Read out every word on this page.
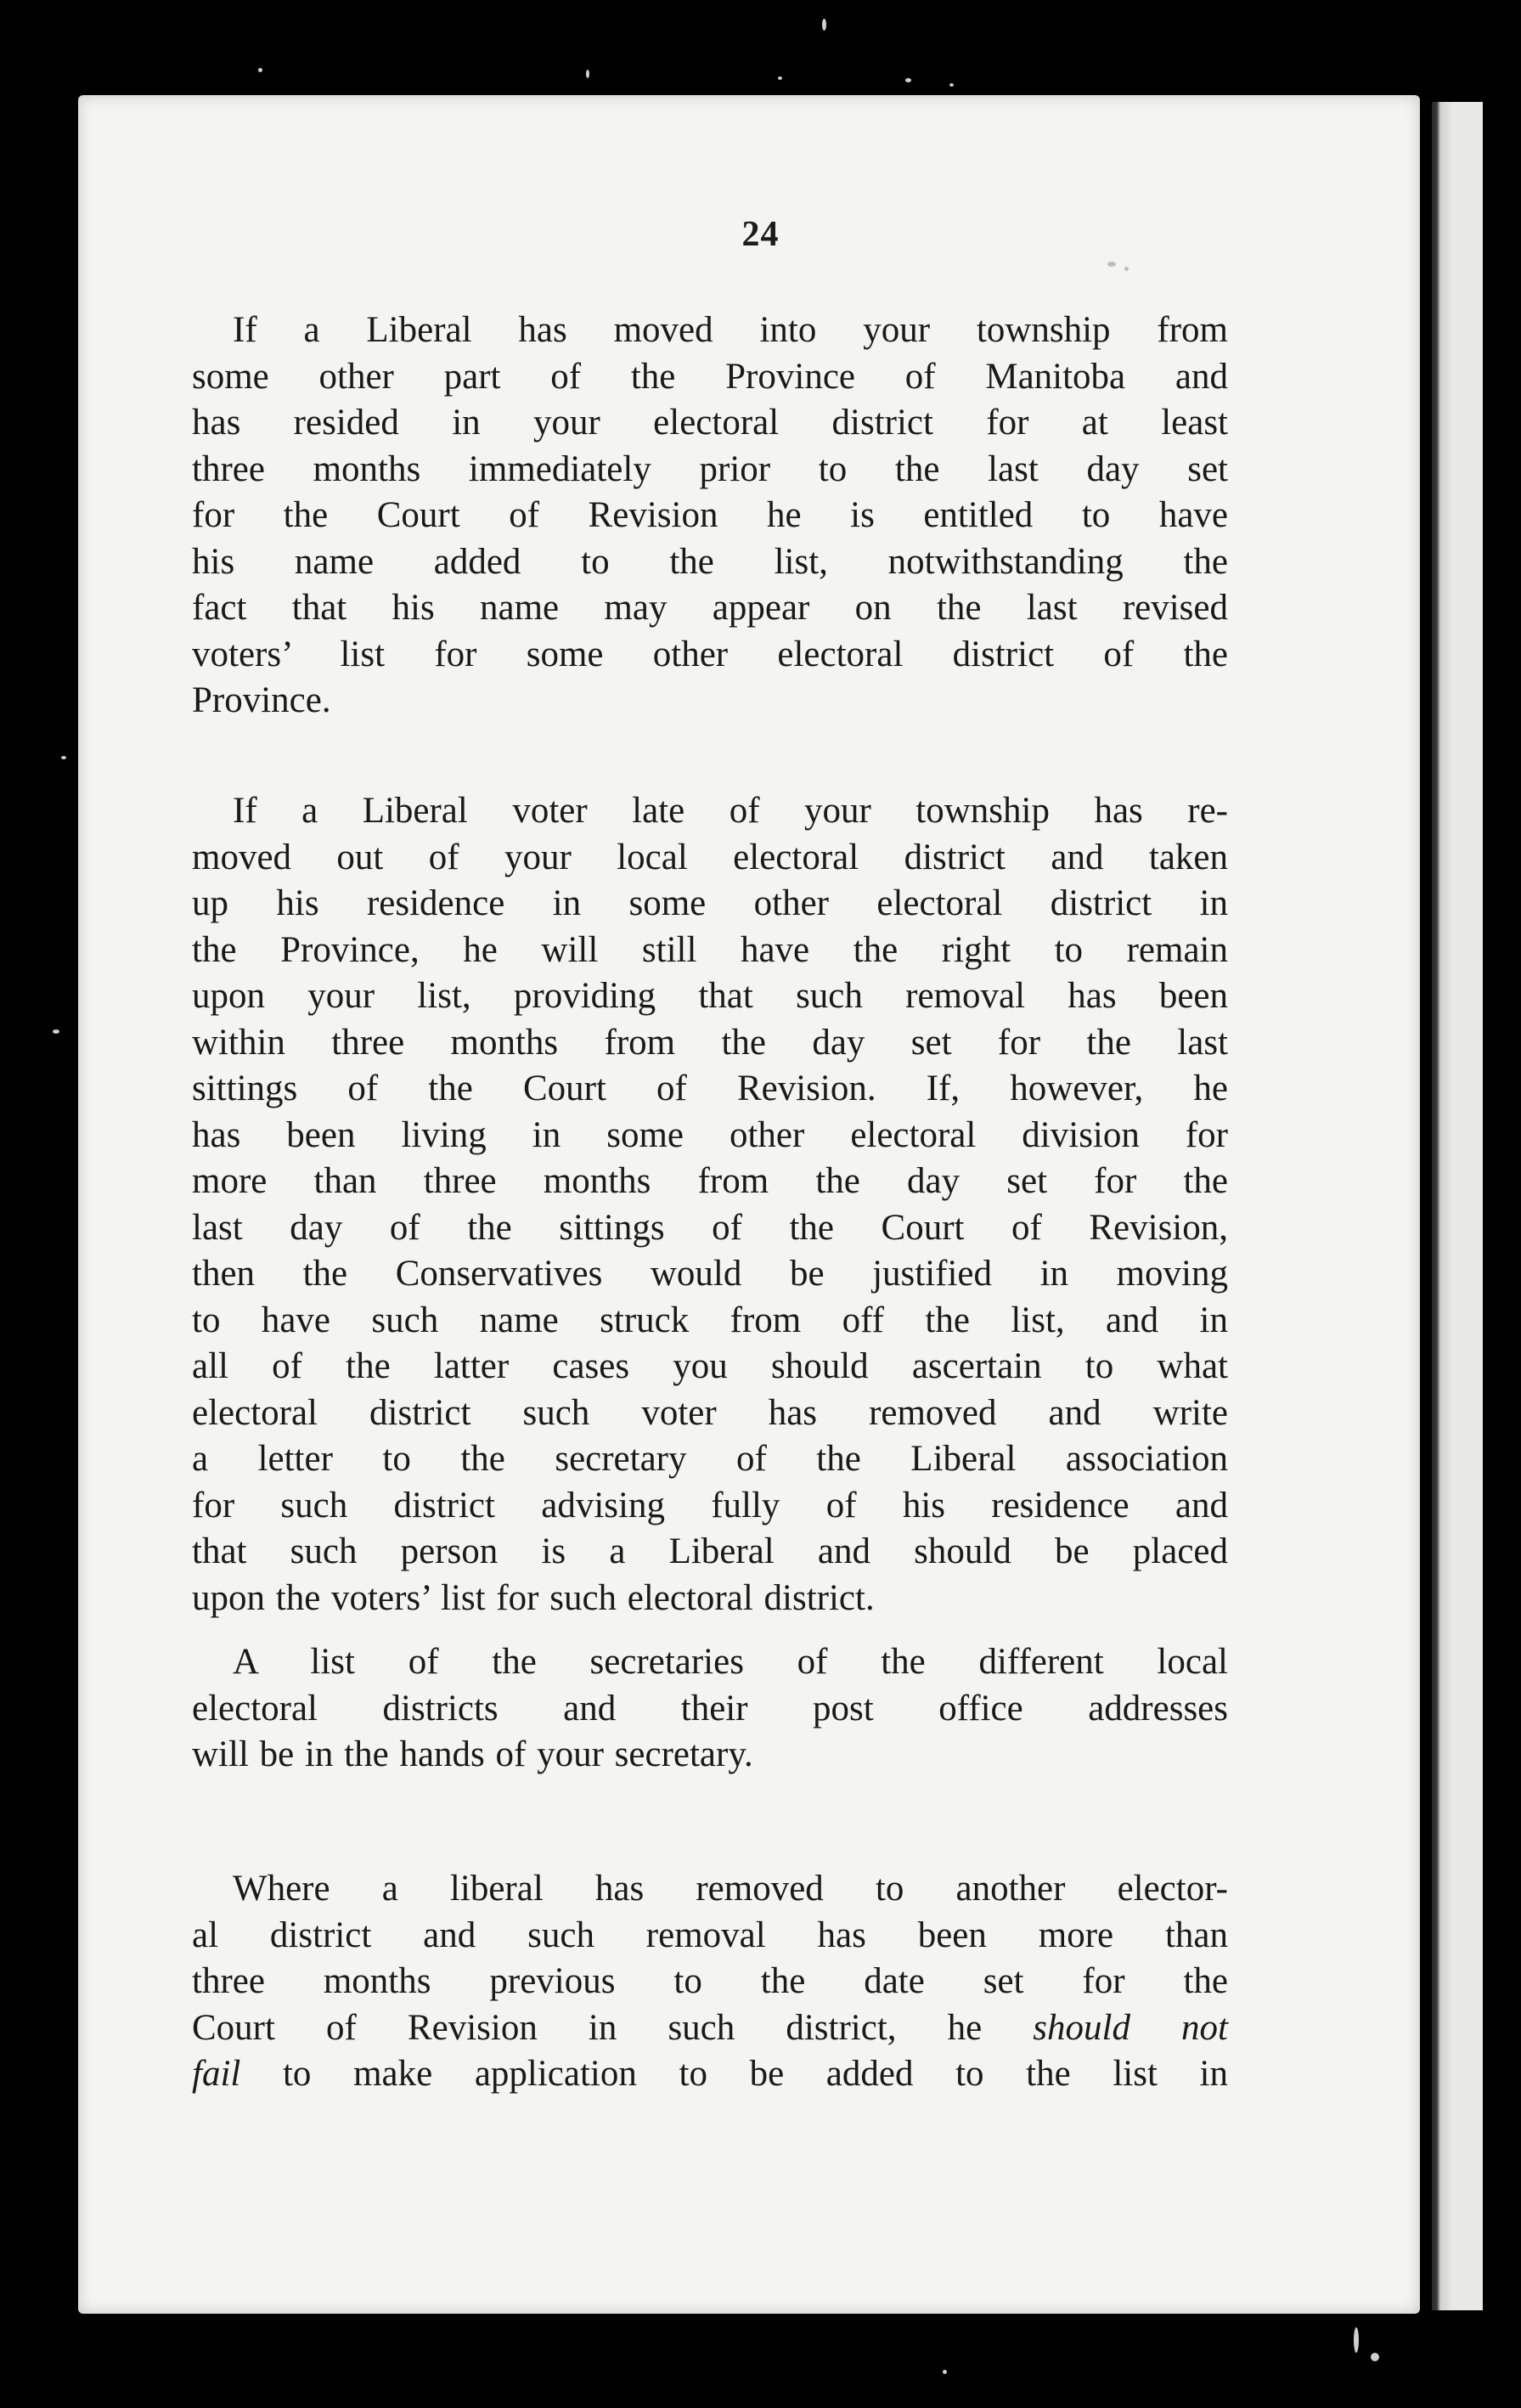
24
If a Liberal has moved into your township from
some other part of the Province of Manitoba and
has resided in your electoral district for at least
three months immediately prior to the last day set
for the Court of Revision he is entitled to have
his name added to the list, notwithstanding the
fact that his name may appear on the last revised
voters’ list for some other electoral district of the
Province.
If a Liberal voter late of your township has re-
moved out of your local electoral district and taken
up his residence in some other electoral district in
the Province, he will still have the right to remain
upon your list, providing that such removal has been
within three months from the day set for the last
sittings of the Court of Revision. If, however, he
has been living in some other electoral division for
more than three months from the day set for the
last day of the sittings of the Court of Revision,
then the Conservatives would be justified in moving
to have such name struck from off the list, and in
all of the latter cases you should ascertain to what
electoral district such voter has removed and write
a letter to the secretary of the Liberal association
for such district advising fully of his residence and
that such person is a Liberal and should be placed
upon the voters’ list for such electoral district.
A list of the secretaries of the different local
electoral districts and their post office addresses
will be in the hands of your secretary.
Where a liberal has removed to another elector-
al district and such removal has been more than
three months previous to the date set for the
Court of Revision in such district, he should not
fail to make application to be added to the list in
